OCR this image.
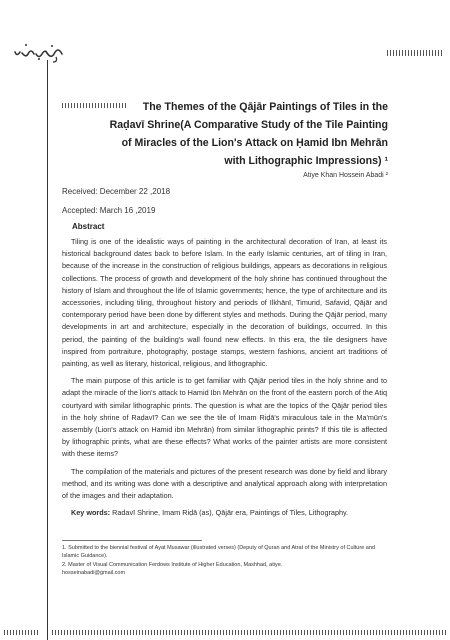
فرهنگ رضوی
The Themes of the Qājār Paintings of Tiles in the
Raḍavī Shrine(A Comparative Study of the Tile Painting
of Miracles of the Lion's Attack on Ḥamid Ibn Mehrān
with Lithographic Impressions) ¹
Atiye Khan Hossein Abadi ²
Received: December 22 ,2018
Accepted: March 16 ,2019
Abstract

Tiling is one of the idealistic ways of painting in the architectural decoration of Iran, at least its historical background dates back to before Islam. In the early Islamic centuries, art of tiling in Iran, because of the increase in the construction of religious buildings, appears as decorations in religious collections. The process of growth and development of the holy shrine has continued throughout the history of Islam and throughout the life of Islamic governments; hence, the type of architecture and its accessories, including tiling, throughout history and periods of Ilkhānī, Timurid, Safavid, Qājār and contemporary period have been done by different styles and methods. During the Qājār period, many developments in art and architecture, especially in the decoration of buildings, occurred. In this period, the painting of the building's wall found new effects. In this era, the tile designers have inspired from portraiture, photography, postage stamps, western fashions, ancient art traditions of painting, as well as literary, historical, religious, and lithographic.

The main purpose of this article is to get familiar with Qājār period tiles in the holy shrine and to adapt the miracle of the lion's attack to Hamid Ibn Mehrān on the front of the eastern porch of the Atiq courtyard with similar lithographic prints. The question is what are the topics of the Qājār period tiles in the holy shrine of Raḍavī? Can we see the tile of Imam Riḍā's miraculous tale in the Ma'mūn's assembly (Lion's attack on Hamid ibn Mehrān) from similar lithographic prints? If this tile is affected by lithographic prints, what are these effects? What works of the painter artists are more consistent with these items?

The compilation of the materials and pictures of the present research was done by field and library method, and its writing was done with a descriptive and analytical approach along with interpretation of the images and their adaptation.

Key words: Radavī Shrine, Imam Riḍā (as), Qājār era, Paintings of Tiles, Lithography.

1. Submitted to the biennial festival of Ayat Musawar (illustrated verses) (Deputy of Quran and Atrat of the Ministry of Culture and Islamic Guidance).
2. Master of Visual Communication Ferdows Institute of Higher Education, Mashhad, atiye.
hosseinabadi@gmail.com
